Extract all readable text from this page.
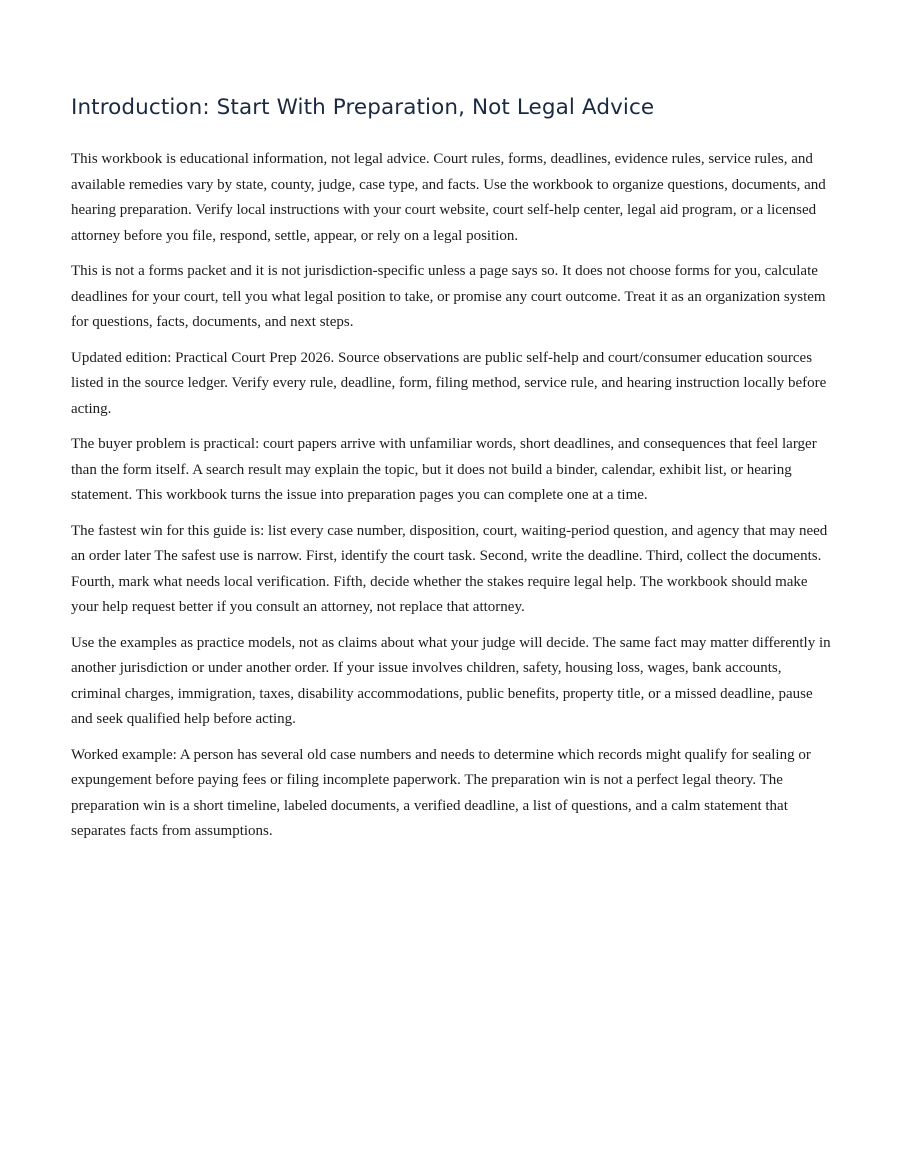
Introduction: Start With Preparation, Not Legal Advice

This workbook is educational information, not legal advice. Court rules, forms, deadlines, evidence rules, service rules, and available remedies vary by state, county, judge, case type, and facts. Use the workbook to organize questions, documents, and hearing preparation. Verify local instructions with your court website, court self-help center, legal aid program, or a licensed attorney before you file, respond, settle, appear, or rely on a legal position.

This is not a forms packet and it is not jurisdiction-specific unless a page says so. It does not choose forms for you, calculate deadlines for your court, tell you what legal position to take, or promise any court outcome. Treat it as an organization system for questions, facts, documents, and next steps.

Updated edition: Practical Court Prep 2026. Source observations are public self-help and court/consumer education sources listed in the source ledger. Verify every rule, deadline, form, filing method, service rule, and hearing instruction locally before acting.

The buyer problem is practical: court papers arrive with unfamiliar words, short deadlines, and consequences that feel larger than the form itself. A search result may explain the topic, but it does not build a binder, calendar, exhibit list, or hearing statement. This workbook turns the issue into preparation pages you can complete one at a time.

The fastest win for this guide is: list every case number, disposition, court, waiting-period question, and agency that may need an order later The safest use is narrow. First, identify the court task. Second, write the deadline. Third, collect the documents. Fourth, mark what needs local verification. Fifth, decide whether the stakes require legal help. The workbook should make your help request better if you consult an attorney, not replace that attorney.

Use the examples as practice models, not as claims about what your judge will decide. The same fact may matter differently in another jurisdiction or under another order. If your issue involves children, safety, housing loss, wages, bank accounts, criminal charges, immigration, taxes, disability accommodations, public benefits, property title, or a missed deadline, pause and seek qualified help before acting.

Worked example: A person has several old case numbers and needs to determine which records might qualify for sealing or expungement before paying fees or filing incomplete paperwork. The preparation win is not a perfect legal theory. The preparation win is a short timeline, labeled documents, a verified deadline, a list of questions, and a calm statement that separates facts from assumptions.
